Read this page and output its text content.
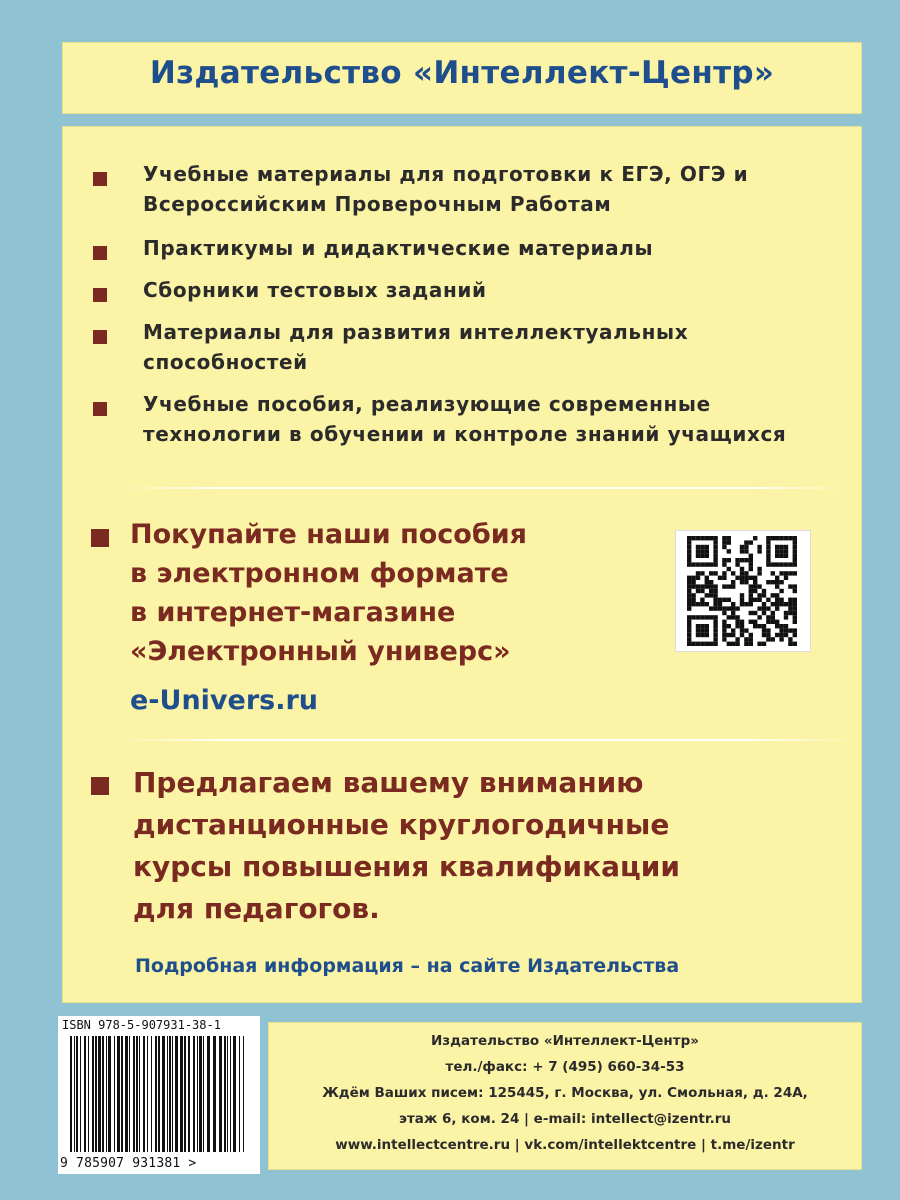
Издательство «Интеллект-Центр»
Учебные материалы для подготовки к ЕГЭ, ОГЭ и
Всероссийским Проверочным Работам
Практикумы и дидактические материалы
Сборники тестовых заданий
Материалы для развития интеллектуальных
способностей
Учебные пособия, реализующие современные
технологии в обучении и контроле знаний учащихся
Покупайте наши пособия
в электронном формате
в интернет-магазине
«Электронный универс»
e-Univers.ru
Предлагаем вашему вниманию
дистанционные круглогодичные
курсы повышения квалификации
для педагогов.
Подробная информация – на сайте Издательства
ISBN 978-5-907931-38-1
9 785907 931381 >
Издательство «Интеллект-Центр»
тел./факс: + 7 (495) 660-34-53
Ждём Ваших писем: 125445, г. Москва, ул. Смольная, д. 24А,
этаж 6, ком. 24 | e-mail: intellect@izentr.ru
www.intellectcentre.ru | vk.com/intellektcentre | t.me/izentr
